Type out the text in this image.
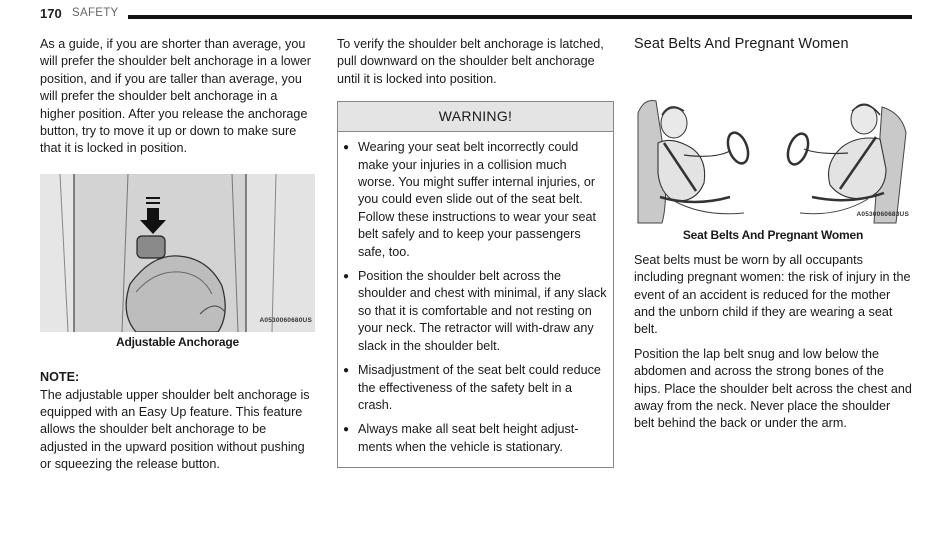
170 SAFETY

As a guide, if you are shorter than average, you will prefer the shoulder belt anchorage in a lower position, and if you are taller than average, you will prefer the shoulder belt anchorage in a higher position. After you release the anchorage button, try to move it up or down to make sure that it is locked in position.

A0530060680US
Adjustable Anchorage

NOTE:

The adjustable upper shoulder belt anchorage is equipped with an Easy Up feature. This feature allows the shoulder belt anchorage to be adjusted in the upward position without pushing or squeezing the release button.

To verify the shoulder belt anchorage is latched, pull downward on the shoulder belt anchorage until it is locked into position.

WARNING!
● Wearing your seat belt incorrectly could make your injuries in a collision much worse. You might suffer internal injuries, or you could even slide out of the seat belt. Follow these instructions to wear your seat belt safely and to keep your passengers safe, too.
● Position the shoulder belt across the shoulder and chest with minimal, if any slack so that it is comfortable and not resting on your neck. The retractor will with-draw any slack in the shoulder belt.
● Misadjustment of the seat belt could reduce the effectiveness of the safety belt in a crash.
● Always make all seat belt height adjust-ments when the vehicle is stationary.
Seat Belts And Pregnant Women
A0530060683US
Seat Belts And Pregnant Women

Seat belts must be worn by all occupants including pregnant women: the risk of injury in the event of an accident is reduced for the mother and the unborn child if they are wearing a seat belt.

Position the lap belt snug and low below the abdomen and across the strong bones of the hips. Place the shoulder belt across the chest and away from the neck. Never place the shoulder belt behind the back or under the arm.
